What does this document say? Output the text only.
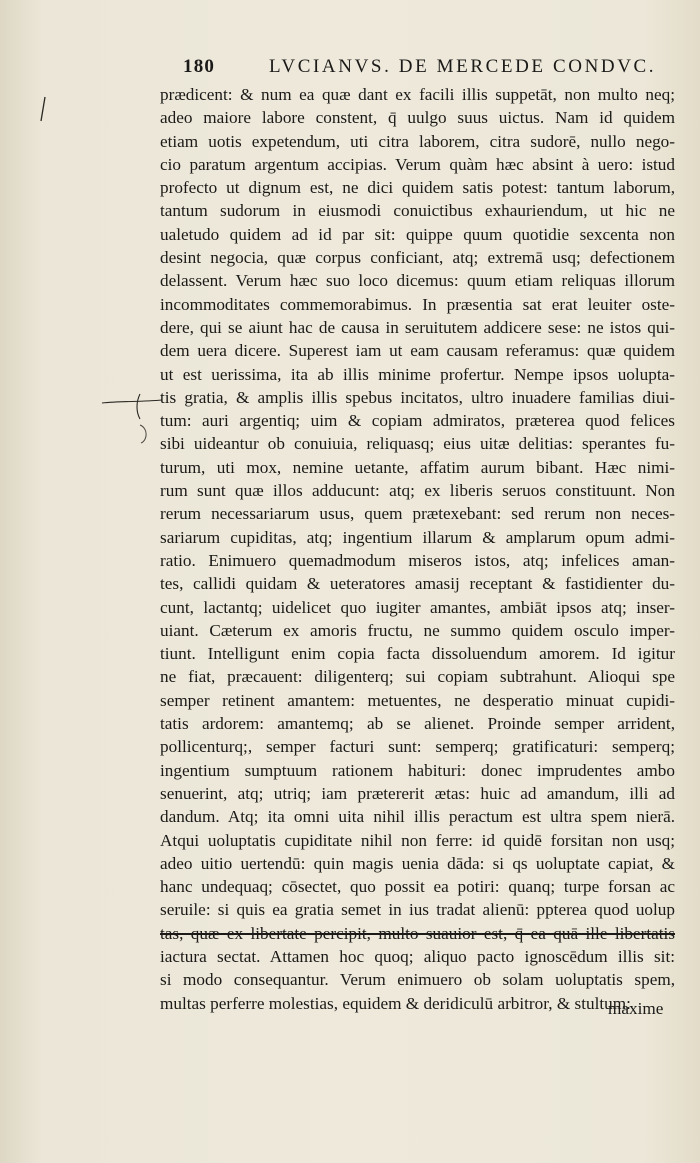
180	LVCIANVS. DE MERCEDE CONDVC.
prædicent: & num ea quæ dant ex facili illis suppetāt, non multo neq;
adeo maiore labore constent, q̄ uulgo suus uictus. Nam id quidem
etiam uotis expetendum, uti citra laborem, citra sudorē, nullo nego-
cio paratum argentum accipias. Verum quàm hæc absint à uero: istud
profecto ut dignum est, ne dici quidem satis potest: tantum laborum,
tantum sudorum in eiusmodi conuictibus exhauriendum, ut hic ne
ualetudo quidem ad id par sit: quippe quum quotidie sexcenta non
desint negocia, quæ corpus conficiant, atq; extremā usq; defectionem
delassent. Verum hæc suo loco dicemus: quum etiam reliquas illorum
incommoditates commemorabimus. In præsentia sat erat leuiter oste-
dere, qui se aiunt hac de causa in seruitutem addicere sese: ne istos qui-
dem uera dicere. Superest iam ut eam causam referamus: quæ quidem
ut est uerissima, ita ab illis minime profertur. Nempe ipsos uolupta-
tis gratia, & amplis illis spebus incitatos, ultro inuadere familias diui-
tum: auri argentiq; uim & copiam admiratos, præterea quod felices
sibi uideantur ob conuiuia, reliquasq; eius uitæ delitias: sperantes fu-
turum, uti mox, nemine uetante, affatim aurum bibant. Hæc nimi-
rum sunt quæ illos adducunt: atq; ex liberis seruos constituunt. Non
rerum necessariarum usus, quem prætexebant: sed rerum non neces-
sariarum cupiditas, atq; ingentium illarum & amplarum opum admi-
ratio. Enimuero quemadmodum miseros istos, atq; infelices aman-
tes, callidi quidam & ueteratores amasij receptant & fastidienter du-
cunt, lactantq; uidelicet quo iugiter amantes, ambiāt ipsos atq; inser-
uiant. Cæterum ex amoris fructu, ne summo quidem osculo imper-
tiunt. Intelligunt enim copia facta dissoluendum amorem. Id igitur
ne fiat, præcauent: diligenterq; sui copiam subtrahunt. Alioqui spe
semper retinent amantem: metuentes, ne desperatio minuat cupidi-
tatis ardorem: amantemq; ab se alienet. Proinde semper arrident,
pollicenturq;, semper facturi sunt: semperq; gratificaturi: semperq;
ingentium sumptuum rationem habituri: donec imprudentes ambo
senuerint, atq; utriq; iam prætererit ætas: huic ad amandum, illi ad
dandum. Atq; ita omni uita nihil illis peractum est ultra spem nierā.
Atqui uoluptatis cupiditate nihil non ferre: id quidē forsitan non usq;
adeo uitio uertendū: quin magis uenia dāda: si qs uoluptate capiat, &
hanc undequaq; cōsectet, quo possit ea potiri: quanq; turpe forsan ac
seruile: si quis ea gratia semet in ius tradat alienū: ppterea quod uolup
tas, quæ ex libertate percipit, multo suauior est, q̄ ea quā ille libertatis
iactura sectat. Attamen hoc quoq; aliquo pacto ignoscēdum illis sit:
si modo consequantur. Verum enimuero ob solam uoluptatis spem,
multas perferre molestias, equidem & deridiculū arbitror, & stultum:
maxime
